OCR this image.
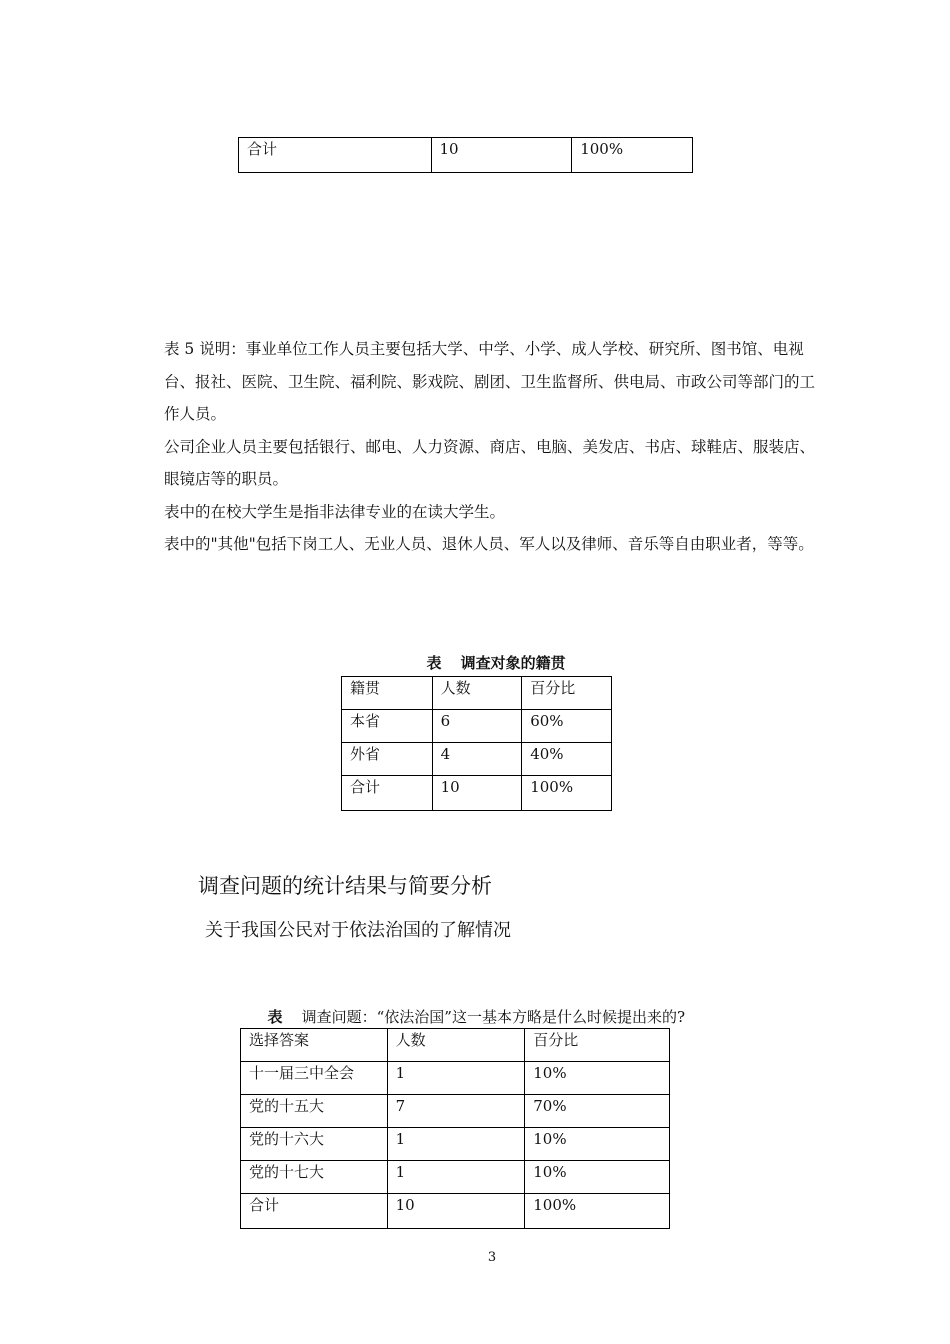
合计	10	100%

表 5 说明：事业单位工作人员主要包括大学、中学、小学、成人学校、研究所、图书馆、电视台、报社、医院、卫生院、福利院、影戏院、剧团、卫生监督所、供电局、市政公司等部门的工作人员。

公司企业人员主要包括银行、邮电、人力资源、商店、电脑、美发店、书店、球鞋店、服装店、眼镜店等的职员。

表中的在校大学生是指非法律专业的在读大学生。

表中的"其他"包括下岗工人、无业人员、退休人员、军人以及律师、音乐等自由职业者，等等。

表 调查对象的籍贯

籍贯	人数	百分比
本省	6	60%
外省	4	40%
合计	10	100%
调查问题的统计结果与简要分析
关于我国公民对于依法治国的了解情况

表 调查问题：“依法治国”这一基本方略是什么时候提出来的?

选择答案	人数	百分比
十一届三中全会	1	10%
党的十五大	7	70%
党的十六大	1	10%
党的十七大	1	10%
合计	10	100%
3
